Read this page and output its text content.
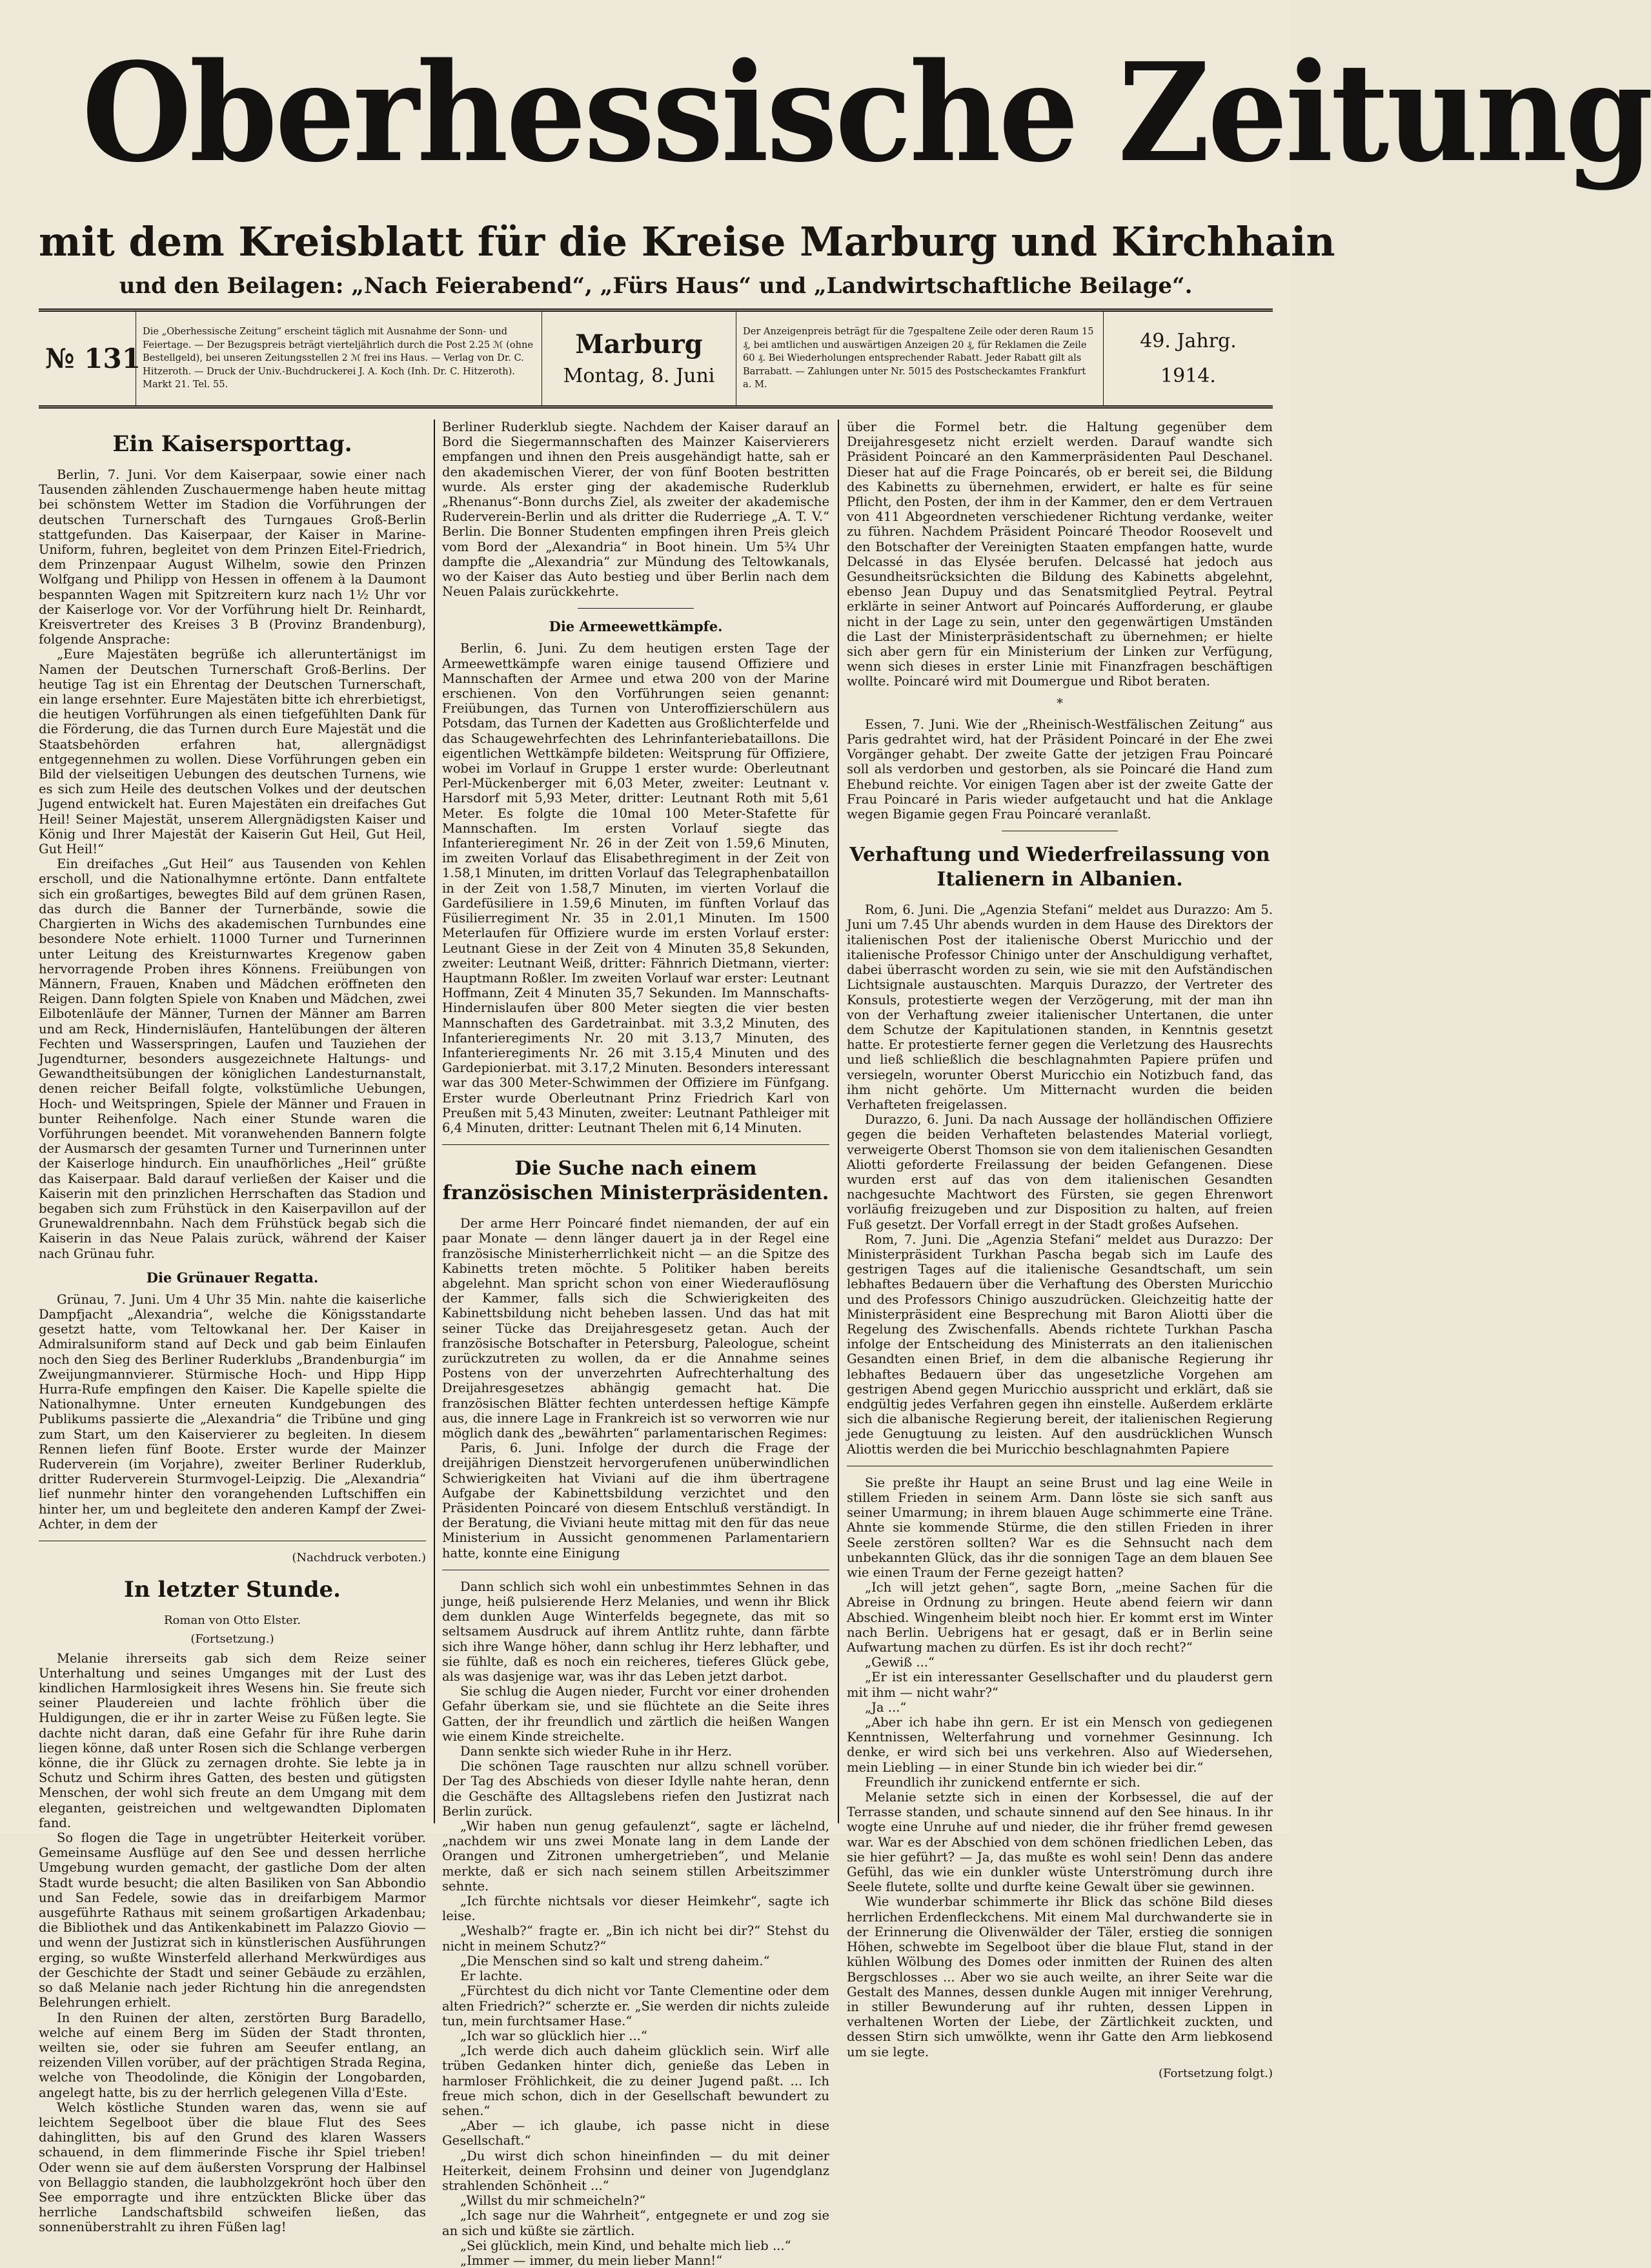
Oberhessische Zeitung
mit dem Kreisblatt für die Kreise Marburg und Kirchhain
und den Beilagen: „Nach Feierabend“, „Fürs Haus“ und „Landwirtschaftliche Beilage“.
№ 131
Die „Oberhessische Zeitung“ erscheint täglich mit Ausnahme der Sonn- und Feiertage. — Der Bezugspreis beträgt vierteljährlich durch die Post 2.25 ℳ (ohne Bestellgeld), bei unseren Zeitungsstellen 2 ℳ frei ins Haus. — Verlag von Dr. C. Hitzeroth. — Druck der Univ.-Buchdruckerei J. A. Koch (Inh. Dr. C. Hitzeroth). Markt 21. Tel. 55.
Marburg
Montag, 8. Juni
Der Anzeigenpreis beträgt für die 7gespaltene Zeile oder deren Raum 15 ₰, bei amtlichen und auswärtigen Anzeigen 20 ₰, für Reklamen die Zeile 60 ₰. Bei Wiederholungen entsprechender Rabatt. Jeder Rabatt gilt als Barrabatt. — Zahlungen unter Nr. 5015 des Postscheckamtes Frankfurt a. M.
49. Jahrg.
1914.
Ein Kaisersporttag.

Berlin, 7. Juni. Vor dem Kaiserpaar, sowie einer nach Tausenden zählenden Zuschauermenge haben heute mittag bei schönstem Wetter im Stadion die Vorführungen der deutschen Turnerschaft des Turngaues Groß-Berlin stattgefunden. Das Kaiserpaar, der Kaiser in Marine-Uniform, fuhren, begleitet von dem Prinzen Eitel-Friedrich, dem Prinzenpaar August Wilhelm, sowie den Prinzen Wolfgang und Philipp von Hessen in offenem à la Daumont bespannten Wagen mit Spitzreitern kurz nach 1½ Uhr vor der Kaiserloge vor. Vor der Vorführung hielt Dr. Reinhardt, Kreisvertreter des Kreises 3 B (Provinz Brandenburg), folgende Ansprache:

„Eure Majestäten begrüße ich alleruntertänigst im Namen der Deutschen Turnerschaft Groß-Berlins. Der heutige Tag ist ein Ehrentag der Deutschen Turnerschaft, ein lange ersehnter. Eure Majestäten bitte ich ehrerbietigst, die heutigen Vorführungen als einen tiefgefühlten Dank für die Förderung, die das Turnen durch Eure Majestät und die Staatsbehörden erfahren hat, allergnädigst entgegennehmen zu wollen. Diese Vorführungen geben ein Bild der vielseitigen Uebungen des deutschen Turnens, wie es sich zum Heile des deutschen Volkes und der deutschen Jugend entwickelt hat. Euren Majestäten ein dreifaches Gut Heil! Seiner Majestät, unserem Allergnädigsten Kaiser und König und Ihrer Majestät der Kaiserin Gut Heil, Gut Heil, Gut Heil!“

Ein dreifaches „Gut Heil“ aus Tausenden von Kehlen erscholl, und die Nationalhymne ertönte. Dann entfaltete sich ein großartiges, bewegtes Bild auf dem grünen Rasen, das durch die Banner der Turnerbände, sowie die Chargierten in Wichs des akademischen Turnbundes eine besondere Note erhielt. 11000 Turner und Turnerinnen unter Leitung des Kreisturnwartes Kregenow gaben hervorragende Proben ihres Könnens. Freiübungen von Männern, Frauen, Knaben und Mädchen eröffneten den Reigen. Dann folgten Spiele von Knaben und Mädchen, zwei Eilbotenläufe der Männer, Turnen der Männer am Barren und am Reck, Hindernisläufen, Hantelübungen der älteren Fechten und Wasserspringen, Laufen und Tauziehen der Jugendturner, besonders ausgezeichnete Haltungs- und Gewandtheitsübungen der königlichen Landesturnanstalt, denen reicher Beifall folgte, volkstümliche Uebungen, Hoch- und Weitspringen, Spiele der Männer und Frauen in bunter Reihenfolge. Nach einer Stunde waren die Vorführungen beendet. Mit voranwehenden Bannern folgte der Ausmarsch der gesamten Turner und Turnerinnen unter der Kaiserloge hindurch. Ein unaufhörliches „Heil“ grüßte das Kaiserpaar. Bald darauf verließen der Kaiser und die Kaiserin mit den prinzlichen Herrschaften das Stadion und begaben sich zum Frühstück in den Kaiserpavillon auf der Grunewaldrennbahn. Nach dem Frühstück begab sich die Kaiserin in das Neue Palais zurück, während der Kaiser nach Grünau fuhr.

Die Grünauer Regatta.

Grünau, 7. Juni. Um 4 Uhr 35 Min. nahte die kaiserliche Dampfjacht „Alexandria“, welche die Königsstandarte gesetzt hatte, vom Teltowkanal her. Der Kaiser in Admiralsuniform stand auf Deck und gab beim Einlaufen noch den Sieg des Berliner Ruderklubs „Brandenburgia“ im Zweijungmannvierer. Stürmische Hoch- und Hipp Hipp Hurra-Rufe empfingen den Kaiser. Die Kapelle spielte die Nationalhymne. Unter erneuten Kundgebungen des Publikums passierte die „Alexandria“ die Tribüne und ging zum Start, um den Kaiservierer zu begleiten. In diesem Rennen liefen fünf Boote. Erster wurde der Mainzer Ruderverein (im Vorjahre), zweiter Berliner Ruderklub, dritter Ruderverein Sturmvogel-Leipzig. Die „Alexandria“ lief nunmehr hinter den vorangehenden Luftschiffen ein hinter her, um und begleitete den anderen Kampf der Zwei-Achter, in dem der

(Nachdruck verboten.)

In letzter Stunde.

Roman von Otto Elster.

(Fortsetzung.)

Melanie ihrerseits gab sich dem Reize seiner Unterhaltung und seines Umganges mit der Lust des kindlichen Harmlosigkeit ihres Wesens hin. Sie freute sich seiner Plaudereien und lachte fröhlich über die Huldigungen, die er ihr in zarter Weise zu Füßen legte. Sie dachte nicht daran, daß eine Gefahr für ihre Ruhe darin liegen könne, daß unter Rosen sich die Schlange verbergen könne, die ihr Glück zu zernagen drohte. Sie lebte ja in Schutz und Schirm ihres Gatten, des besten und gütigsten Menschen, der wohl sich freute an dem Umgang mit dem eleganten, geistreichen und weltgewandten Diplomaten fand.

So flogen die Tage in ungetrübter Heiterkeit vorüber. Gemeinsame Ausflüge auf den See und dessen herrliche Umgebung wurden gemacht, der gastliche Dom der alten Stadt wurde besucht; die alten Basiliken von San Abbondio und San Fedele, sowie das in dreifarbigem Marmor ausgeführte Rathaus mit seinem großartigen Arkadenbau; die Bibliothek und das Antikenkabinett im Palazzo Giovio — und wenn der Justizrat sich in künstlerischen Ausführungen erging, so wußte Winsterfeld allerhand Merkwürdiges aus der Geschichte der Stadt und seiner Gebäude zu erzählen, so daß Melanie nach jeder Richtung hin die anregendsten Belehrungen erhielt.

In den Ruinen der alten, zerstörten Burg Baradello, welche auf einem Berg im Süden der Stadt thronten, weilten sie, oder sie fuhren am Seeufer entlang, an reizenden Villen vorüber, auf der prächtigen Strada Regina, welche von Theodolinde, die Königin der Longobarden, angelegt hatte, bis zu der herrlich gelegenen Villa d'Este.

Welch köstliche Stunden waren das, wenn sie auf leichtem Segelboot über die blaue Flut des Sees dahinglitten, bis auf den Grund des klaren Wassers schauend, in dem flimmerinde Fische ihr Spiel trieben! Oder wenn sie auf dem äußersten Vorsprung der Halbinsel von Bellaggio standen, die laubholzgekrönt hoch über den See emporragte und ihre entzückten Blicke über das herrliche Landschaftsbild schweifen ließen, das sonnenüberstrahlt zu ihren Füßen lag!

Berliner Ruderklub siegte. Nachdem der Kaiser darauf an Bord die Siegermannschaften des Mainzer Kaiservierers empfangen und ihnen den Preis ausgehändigt hatte, sah er den akademischen Vierer, der von fünf Booten bestritten wurde. Als erster ging der akademische Ruderklub „Rhenanus“-Bonn durchs Ziel, als zweiter der akademische Ruderverein-Berlin und als dritter die Ruderriege „A. T. V.“ Berlin. Die Bonner Studenten empfingen ihren Preis gleich vom Bord der „Alexandria“ in Boot hinein. Um 5¾ Uhr dampfte die „Alexandria“ zur Mündung des Teltowkanals, wo der Kaiser das Auto bestieg und über Berlin nach dem Neuen Palais zurückkehrte.

Die Armeewettkämpfe.

Berlin, 6. Juni. Zu dem heutigen ersten Tage der Armeewettkämpfe waren einige tausend Offiziere und Mannschaften der Armee und etwa 200 von der Marine erschienen. Von den Vorführungen seien genannt: Freiübungen, das Turnen von Unteroffizierschülern aus Potsdam, das Turnen der Kadetten aus Großlichterfelde und das Schaugewehrfechten des Lehrinfanteriebataillons. Die eigentlichen Wettkämpfe bildeten: Weitsprung für Offiziere, wobei im Vorlauf in Gruppe 1 erster wurde: Oberleutnant Perl-Mückenberger mit 6,03 Meter, zweiter: Leutnant v. Harsdorf mit 5,93 Meter, dritter: Leutnant Roth mit 5,61 Meter. Es folgte die 10mal 100 Meter-Stafette für Mannschaften. Im ersten Vorlauf siegte das Infanterieregiment Nr. 26 in der Zeit von 1.59,6 Minuten, im zweiten Vorlauf das Elisabethregiment in der Zeit von 1.58,1 Minuten, im dritten Vorlauf das Telegraphenbataillon in der Zeit von 1.58,7 Minuten, im vierten Vorlauf die Gardefüsiliere in 1.59,6 Minuten, im fünften Vorlauf das Füsilierregiment Nr. 35 in 2.01,1 Minuten. Im 1500 Meterlaufen für Offiziere wurde im ersten Vorlauf erster: Leutnant Giese in der Zeit von 4 Minuten 35,8 Sekunden, zweiter: Leutnant Weiß, dritter: Fähnrich Dietmann, vierter: Hauptmann Roßler. Im zweiten Vorlauf war erster: Leutnant Hoffmann, Zeit 4 Minuten 35,7 Sekunden. Im Mannschafts-Hindernislaufen über 800 Meter siegten die vier besten Mannschaften des Gardetrainbat. mit 3.3,2 Minuten, des Infanterieregiments Nr. 20 mit 3.13,7 Minuten, des Infanterieregiments Nr. 26 mit 3.15,4 Minuten und des Gardepionierbat. mit 3.17,2 Minuten. Besonders interessant war das 300 Meter-Schwimmen der Offiziere im Fünfgang. Erster wurde Oberleutnant Prinz Friedrich Karl von Preußen mit 5,43 Minuten, zweiter: Leutnant Pathleiger mit 6,4 Minuten, dritter: Leutnant Thelen mit 6,14 Minuten.

Die Suche nach einem französischen Ministerpräsidenten.

Der arme Herr Poincaré findet niemanden, der auf ein paar Monate — denn länger dauert ja in der Regel eine französische Ministerherrlichkeit nicht — an die Spitze des Kabinetts treten möchte. 5 Politiker haben bereits abgelehnt. Man spricht schon von einer Wiederauflösung der Kammer, falls sich die Schwierigkeiten des Kabinettsbildung nicht beheben lassen. Und das hat mit seiner Tücke das Dreijahresgesetz getan. Auch der französische Botschafter in Petersburg, Paleologue, scheint zurückzutreten zu wollen, da er die Annahme seines Postens von der unverzehrten Aufrechterhaltung des Dreijahresgesetzes abhängig gemacht hat. Die französischen Blätter fechten unterdessen heftige Kämpfe aus, die innere Lage in Frankreich ist so verworren wie nur möglich dank des „bewährten“ parlamentarischen Regimes:

Paris, 6. Juni. Infolge der durch die Frage der dreijährigen Dienstzeit hervorgerufenen unüberwindlichen Schwierigkeiten hat Viviani auf die ihm übertragene Aufgabe der Kabinettsbildung verzichtet und den Präsidenten Poincaré von diesem Entschluß verständigt. In der Beratung, die Viviani heute mittag mit den für das neue Ministerium in Aussicht genommenen Parlamentariern hatte, konnte eine Einigung

Dann schlich sich wohl ein unbestimmtes Sehnen in das junge, heiß pulsierende Herz Melanies, und wenn ihr Blick dem dunklen Auge Winterfelds begegnete, das mit so seltsamem Ausdruck auf ihrem Antlitz ruhte, dann färbte sich ihre Wange höher, dann schlug ihr Herz lebhafter, und sie fühlte, daß es noch ein reicheres, tieferes Glück gebe, als was dasjenige war, was ihr das Leben jetzt darbot.

Sie schlug die Augen nieder, Furcht vor einer drohenden Gefahr überkam sie, und sie flüchtete an die Seite ihres Gatten, der ihr freundlich und zärtlich die heißen Wangen wie einem Kinde streichelte.

Dann senkte sich wieder Ruhe in ihr Herz.

Die schönen Tage rauschten nur allzu schnell vorüber. Der Tag des Abschieds von dieser Idylle nahte heran, denn die Geschäfte des Alltagslebens riefen den Justizrat nach Berlin zurück.

„Wir haben nun genug gefaulenzt“, sagte er lächelnd, „nachdem wir uns zwei Monate lang in dem Lande der Orangen und Zitronen umhergetrieben“, und Melanie merkte, daß er sich nach seinem stillen Arbeitszimmer sehnte.

„Ich fürchte nichtsals vor dieser Heimkehr“, sagte ich leise.

„Weshalb?“ fragte er. „Bin ich nicht bei dir?“ Stehst du nicht in meinem Schutz?“

„Die Menschen sind so kalt und streng daheim.“

Er lachte.

„Fürchtest du dich nicht vor Tante Clementine oder dem alten Friedrich?“ scherzte er. „Sie werden dir nichts zuleide tun, mein furchtsamer Hase.“

„Ich war so glücklich hier ...“

„Ich werde dich auch daheim glücklich sein. Wirf alle trüben Gedanken hinter dich, genieße das Leben in harmloser Fröhlichkeit, die zu deiner Jugend paßt. ... Ich freue mich schon, dich in der Gesellschaft bewundert zu sehen.“

„Aber — ich glaube, ich passe nicht in diese Gesellschaft.“

„Du wirst dich schon hineinfinden — du mit deiner Heiterkeit, deinem Frohsinn und deiner von Jugendglanz strahlenden Schönheit ...“

„Willst du mir schmeicheln?“

„Ich sage nur die Wahrheit“, entgegnete er und zog sie an sich und küßte sie zärtlich.

„Sei glücklich, mein Kind, und behalte mich lieb ...“

„Immer — immer, du mein lieber Mann!“

über die Formel betr. die Haltung gegenüber dem Dreijahresgesetz nicht erzielt werden. Darauf wandte sich Präsident Poincaré an den Kammerpräsidenten Paul Deschanel. Dieser hat auf die Frage Poincarés, ob er bereit sei, die Bildung des Kabinetts zu übernehmen, erwidert, er halte es für seine Pflicht, den Posten, der ihm in der Kammer, den er dem Vertrauen von 411 Abgeordneten verschiedener Richtung verdanke, weiter zu führen. Nachdem Präsident Poincaré Theodor Roosevelt und den Botschafter der Vereinigten Staaten empfangen hatte, wurde Delcassé in das Elysée berufen. Delcassé hat jedoch aus Gesundheitsrücksichten die Bildung des Kabinetts abgelehnt, ebenso Jean Dupuy und das Senatsmitglied Peytral. Peytral erklärte in seiner Antwort auf Poincarés Aufforderung, er glaube nicht in der Lage zu sein, unter den gegenwärtigen Umständen die Last der Ministerpräsidentschaft zu übernehmen; er hielte sich aber gern für ein Ministerium der Linken zur Verfügung, wenn sich dieses in erster Linie mit Finanzfragen beschäftigen wollte. Poincaré wird mit Doumergue und Ribot beraten.

*

Essen, 7. Juni. Wie der „Rheinisch-Westfälischen Zeitung“ aus Paris gedrahtet wird, hat der Präsident Poincaré in der Ehe zwei Vorgänger gehabt. Der zweite Gatte der jetzigen Frau Poincaré soll als verdorben und gestorben, als sie Poincaré die Hand zum Ehebund reichte. Vor einigen Tagen aber ist der zweite Gatte der Frau Poincaré in Paris wieder aufgetaucht und hat die Anklage wegen Bigamie gegen Frau Poincaré veranlaßt.

Verhaftung und Wiederfreilassung von Italienern in Albanien.

Rom, 6. Juni. Die „Agenzia Stefani“ meldet aus Durazzo: Am 5. Juni um 7.45 Uhr abends wurden in dem Hause des Direktors der italienischen Post der italienische Oberst Muricchio und der italienische Professor Chinigo unter der Anschuldigung verhaftet, dabei überrascht worden zu sein, wie sie mit den Aufständischen Lichtsignale austauschten. Marquis Durazzo, der Vertreter des Konsuls, protestierte wegen der Verzögerung, mit der man ihn von der Verhaftung zweier italienischer Untertanen, die unter dem Schutze der Kapitulationen standen, in Kenntnis gesetzt hatte. Er protestierte ferner gegen die Verletzung des Hausrechts und ließ schließlich die beschlagnahmten Papiere prüfen und versiegeln, worunter Oberst Muricchio ein Notizbuch fand, das ihm nicht gehörte. Um Mitternacht wurden die beiden Verhafteten freigelassen.

Durazzo, 6. Juni. Da nach Aussage der holländischen Offiziere gegen die beiden Verhafteten belastendes Material vorliegt, verweigerte Oberst Thomson sie von dem italienischen Gesandten Aliotti geforderte Freilassung der beiden Gefangenen. Diese wurden erst auf das von dem italienischen Gesandten nachgesuchte Machtwort des Fürsten, sie gegen Ehrenwort vorläufig freizugeben und zur Disposition zu halten, auf freien Fuß gesetzt. Der Vorfall erregt in der Stadt großes Aufsehen.

Rom, 7. Juni. Die „Agenzia Stefani“ meldet aus Durazzo: Der Ministerpräsident Turkhan Pascha begab sich im Laufe des gestrigen Tages auf die italienische Gesandtschaft, um sein lebhaftes Bedauern über die Verhaftung des Obersten Muricchio und des Professors Chinigo auszudrücken. Gleichzeitig hatte der Ministerpräsident eine Besprechung mit Baron Aliotti über die Regelung des Zwischenfalls. Abends richtete Turkhan Pascha infolge der Entscheidung des Ministerrats an den italienischen Gesandten einen Brief, in dem die albanische Regierung ihr lebhaftes Bedauern über das ungesetzliche Vorgehen am gestrigen Abend gegen Muricchio ausspricht und erklärt, daß sie endgültig jedes Verfahren gegen ihn einstelle. Außerdem erklärte sich die albanische Regierung bereit, der italienischen Regierung jede Genugtuung zu leisten. Auf den ausdrücklichen Wunsch Aliottis werden die bei Muricchio beschlagnahmten Papiere

Sie preßte ihr Haupt an seine Brust und lag eine Weile in stillem Frieden in seinem Arm. Dann löste sie sich sanft aus seiner Umarmung; in ihrem blauen Auge schimmerte eine Träne. Ahnte sie kommende Stürme, die den stillen Frieden in ihrer Seele zerstören sollten? War es die Sehnsucht nach dem unbekannten Glück, das ihr die sonnigen Tage an dem blauen See wie einen Traum der Ferne gezeigt hatten?

„Ich will jetzt gehen“, sagte Born, „meine Sachen für die Abreise in Ordnung zu bringen. Heute abend feiern wir dann Abschied. Wingenheim bleibt noch hier. Er kommt erst im Winter nach Berlin. Uebrigens hat er gesagt, daß er in Berlin seine Aufwartung machen zu dürfen. Es ist ihr doch recht?“

„Gewiß ...“

„Er ist ein interessanter Gesellschafter und du plauderst gern mit ihm — nicht wahr?“

„Ja ...“

„Aber ich habe ihn gern. Er ist ein Mensch von gediegenen Kenntnissen, Welterfahrung und vornehmer Gesinnung. Ich denke, er wird sich bei uns verkehren. Also auf Wiedersehen, mein Liebling — in einer Stunde bin ich wieder bei dir.“

Freundlich ihr zunickend entfernte er sich.

Melanie setzte sich in einen der Korbsessel, die auf der Terrasse standen, und schaute sinnend auf den See hinaus. In ihr wogte eine Unruhe auf und nieder, die ihr früher fremd gewesen war. War es der Abschied von dem schönen friedlichen Leben, das sie hier geführt? — Ja, das mußte es wohl sein! Denn das andere Gefühl, das wie ein dunkler wüste Unterströmung durch ihre Seele flutete, sollte und durfte keine Gewalt über sie gewinnen.

Wie wunderbar schimmerte ihr Blick das schöne Bild dieses herrlichen Erdenfleckchens. Mit einem Mal durchwanderte sie in der Erinnerung die Olivenwälder der Täler, erstieg die sonnigen Höhen, schwebte im Segelboot über die blaue Flut, stand in der kühlen Wölbung des Domes oder inmitten der Ruinen des alten Bergschlosses ... Aber wo sie auch weilte, an ihrer Seite war die Gestalt des Mannes, dessen dunkle Augen mit inniger Verehrung, in stiller Bewunderung auf ihr ruhten, dessen Lippen in verhaltenen Worten der Liebe, der Zärtlichkeit zuckten, und dessen Stirn sich umwölkte, wenn ihr Gatte den Arm liebkosend um sie legte.

(Fortsetzung folgt.)
